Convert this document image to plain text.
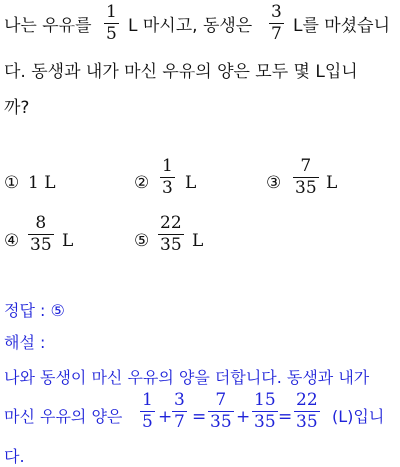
나는 우유를
1
5 L 마시고, 동생은
3
7 L를 마셨습니
다. 동생과 내가 마신 우유의 양은 모두 몇 L입니
까?
① 1 L	②
1
3 L	③
7
35 L
④
8
35 L	⑤
22
35 L
정답 : ⑤
해설 :
나와 동생이 마신 우유의 양을 더합니다. 동생과 내가
마신 우유의 양은
1
5 +
3
7 =
7
35 +
15
35 =
22
35 (L)입니
다.
